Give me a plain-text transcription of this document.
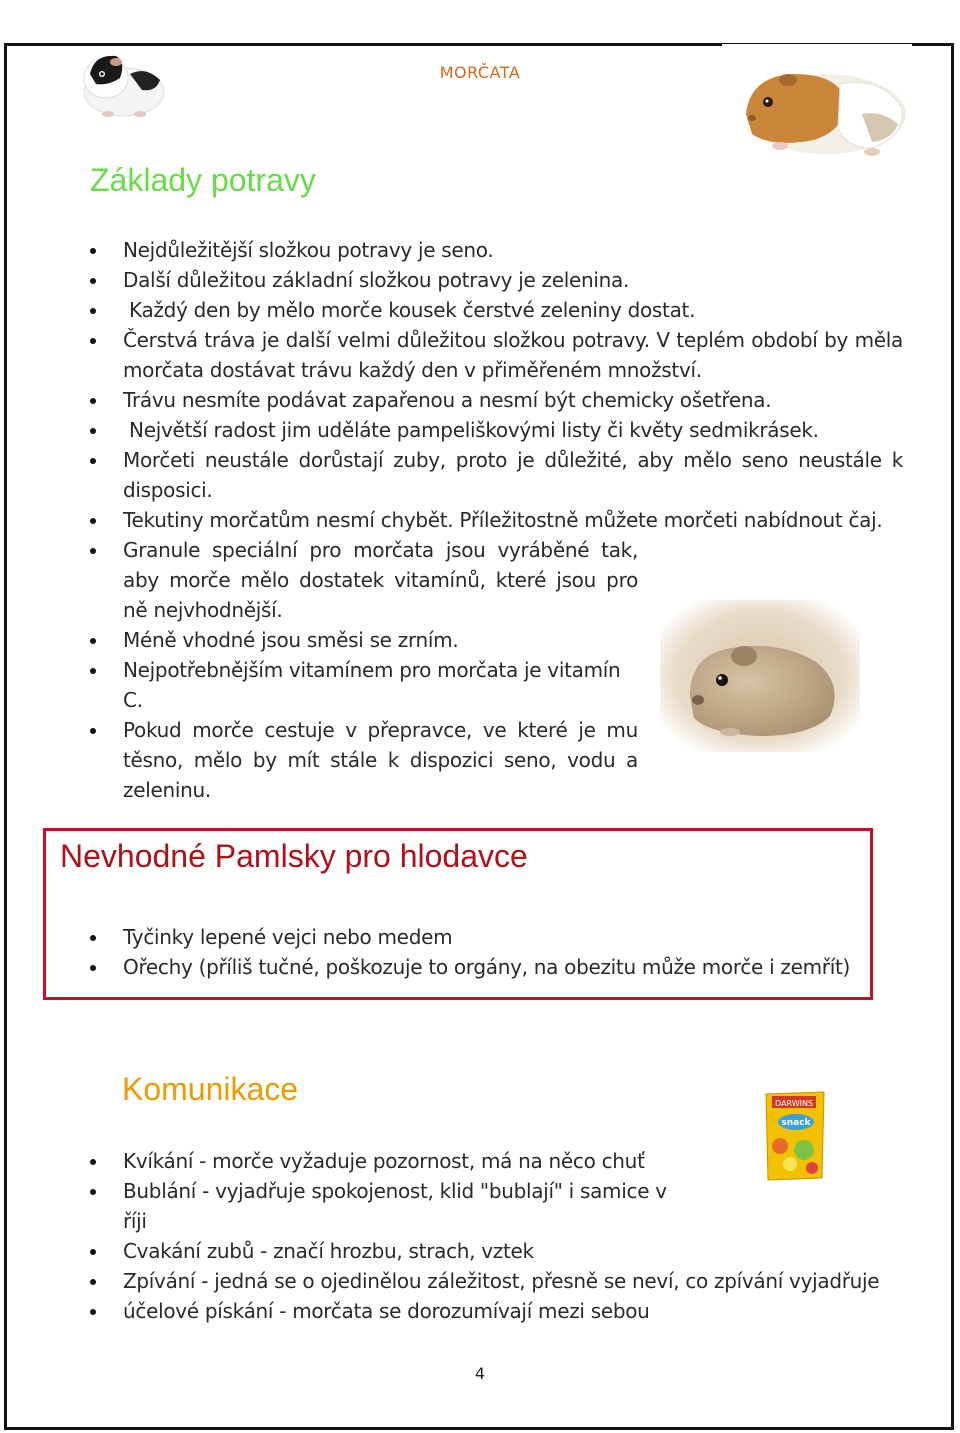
MORČATA
Základy potravy
Nejdůležitější složkou potravy je seno.
Další důležitou základní složkou potravy je zelenina.
Každý den by mělo morče kousek čerstvé zeleniny dostat.
Čerstvá tráva je další velmi důležitou složkou potravy. V teplém období by měla morčata dostávat trávu každý den v přiměřeném množství.
Trávu nesmíte podávat zapařenou a nesmí být chemicky ošetřena.
Největší radost jim uděláte pampeliškovými listy či květy sedmikrásek.
Morčeti neustále dorůstají zuby, proto je důležité, aby mělo seno neustále k disposici.
Tekutiny morčatům nesmí chybět. Příležitostně můžete morčeti nabídnout čaj.
Granule speciální pro morčata jsou vyráběné tak, aby morče mělo dostatek vitamínů, které jsou pro ně nejvhodnější.
Méně vhodné jsou směsi se zrním.
Nejpotřebnějším vitamínem pro morčata je vitamín C.
Pokud morče cestuje v přepravce, ve které je mu těsno, mělo by mít stále k dispozici seno, vodu a zeleninu.
Nevhodné Pamlsky pro hlodavce
Tyčinky lepené vejci nebo medem
Ořechy (příliš tučné, poškozuje to orgány, na obezitu může morče i zemřít)
Komunikace	DARWINS
snack
Kvíkání - morče vyžaduje pozornost, má na něco chuť
Bublání - vyjadřuje spokojenost, klid "bublají" i samice v říji
Cvakání zubů - značí hrozbu, strach, vztek
Zpívání - jedná se o ojedinělou záležitost, přesně se neví, co zpívání vyjadřuje
účelové pískání - morčata se dorozumívají mezi sebou
4
